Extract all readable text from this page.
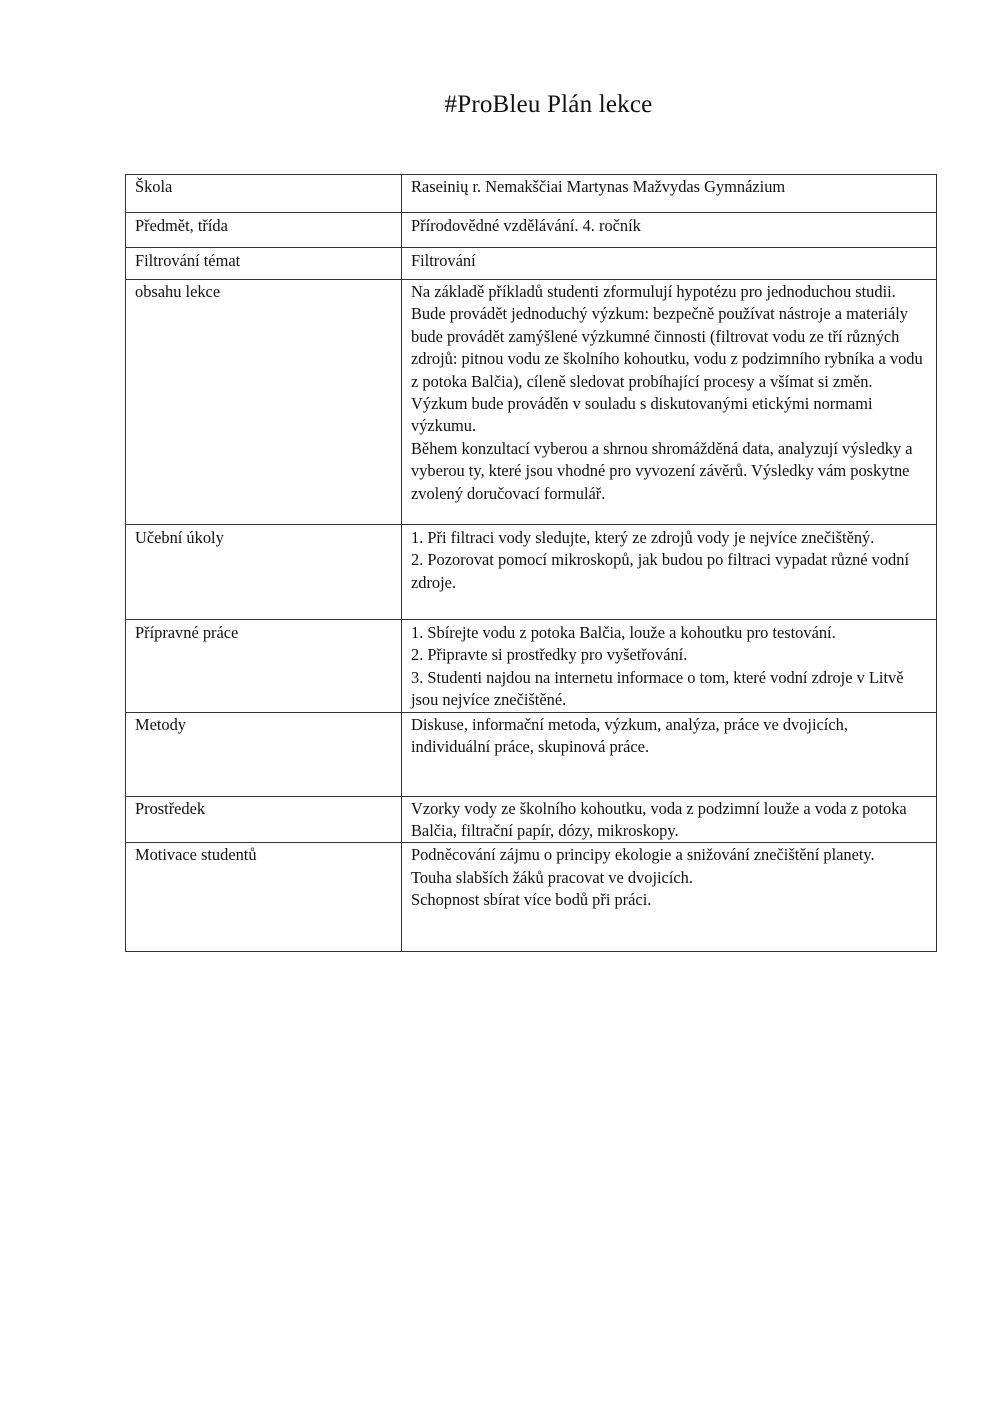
#ProBleu Plán lekce
Škola	Raseinių r. Nemakščiai Martynas Mažvydas Gymnázium

Předmět, třída	Přírodovědné vzdělávání. 4. ročník

Filtrování témat	Filtrování

obsahu lekce	Na základě příkladů studenti zformulují hypotézu pro jednoduchou studii.
Bude provádět jednoduchý výzkum: bezpečně používat nástroje a materiály bude provádět zamýšlené výzkumné činnosti (filtrovat vodu ze tří různých zdrojů: pitnou vodu ze školního kohoutku, vodu z podzimního rybníka a vodu z potoka Balčia), cíleně sledovat probíhající procesy a všímat si změn. Výzkum bude prováděn v souladu s diskutovanými etickými normami výzkumu.
Během konzultací vyberou a shrnou shromážděná data, analyzují výsledky a vyberou ty, které jsou vhodné pro vyvození závěrů. Výsledky vám poskytne zvolený doručovací formulář.

Učební úkoly	1. Při filtraci vody sledujte, který ze zdrojů vody je nejvíce znečištěný.
2. Pozorovat pomocí mikroskopů, jak budou po filtraci vypadat různé vodní zdroje.

Přípravné práce	1. Sbírejte vodu z potoka Balčia, louže a kohoutku pro testování.
2. Připravte si prostředky pro vyšetřování.
3. Studenti najdou na internetu informace o tom, které vodní zdroje v Litvě jsou nejvíce znečištěné.

Metody	Diskuse, informační metoda, výzkum, analýza, práce ve dvojicích, individuální práce, skupinová práce.

Prostředek	Vzorky vody ze školního kohoutku, voda z podzimní louže a voda z potoka Balčia, filtrační papír, dózy, mikroskopy.

Motivace studentů	Podněcování zájmu o principy ekologie a snižování znečištění planety.
Touha slabších žáků pracovat ve dvojicích.
Schopnost sbírat více bodů při práci.
